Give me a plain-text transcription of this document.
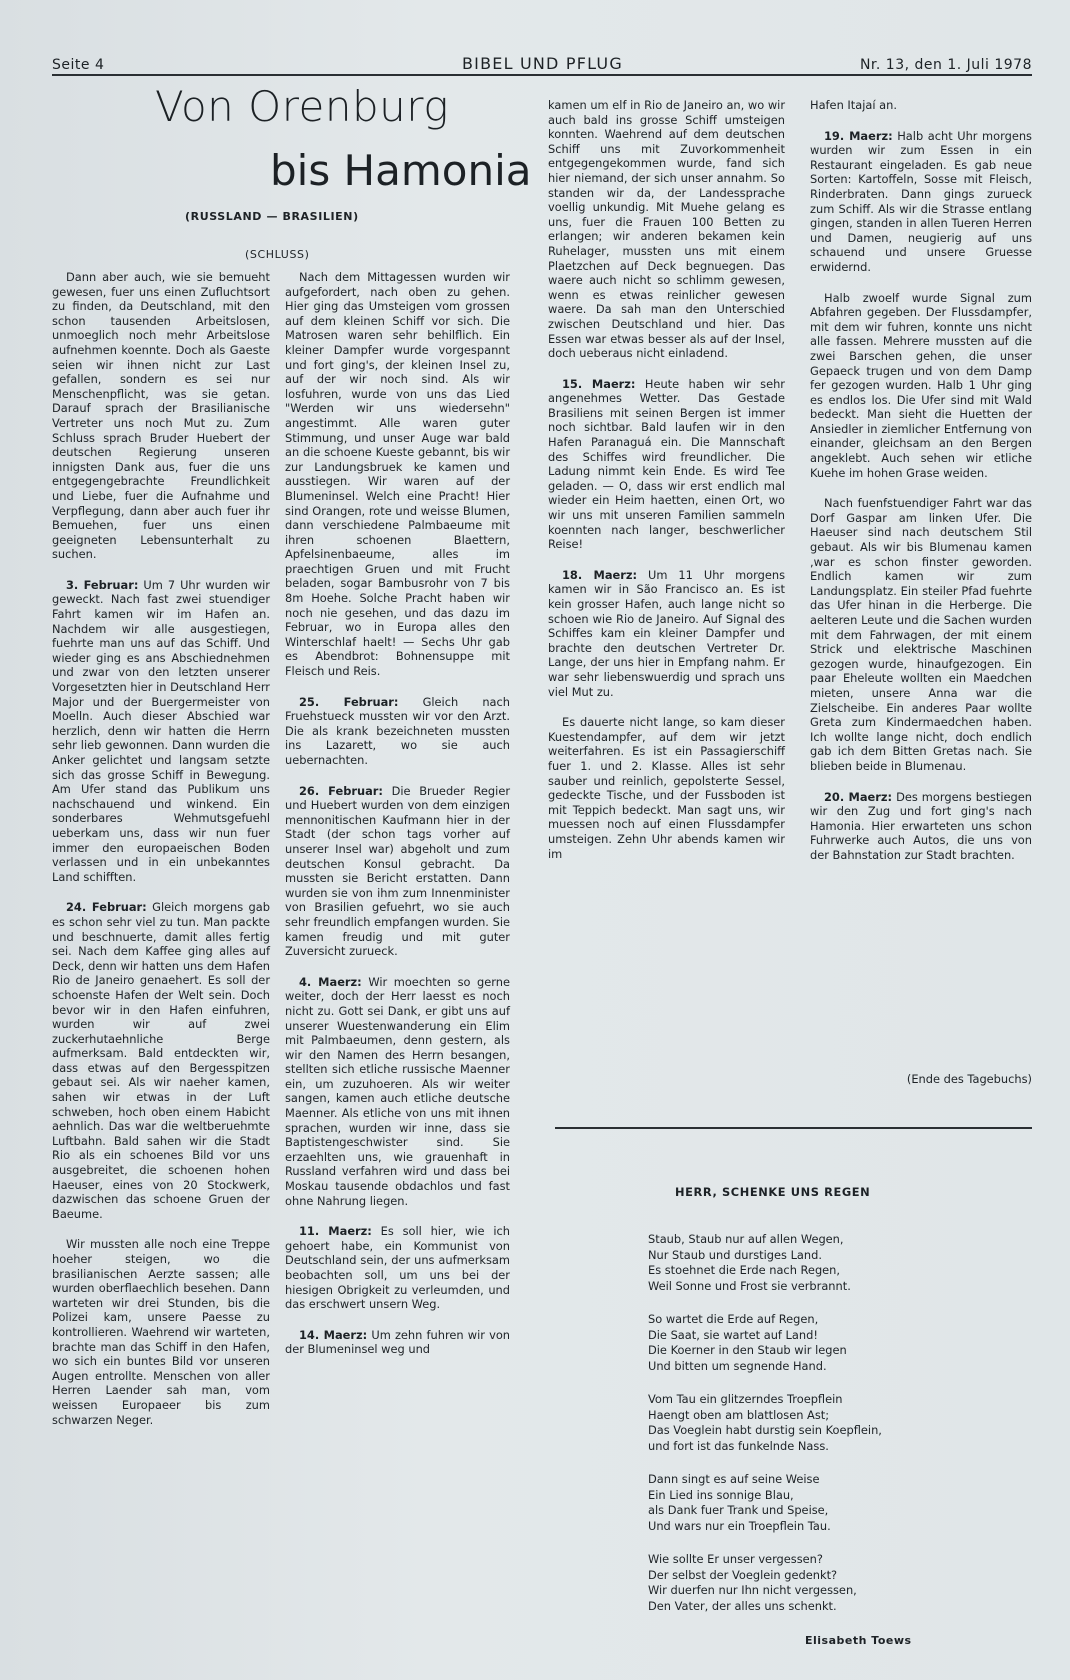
Seite 4	BIBEL UND PFLUG	Nr. 13, den 1. Juli 1978
Von Orenburg
bis Hamonia
(RUSSLAND — BRASILIEN)
(SCHLUSS)

Dann aber auch, wie sie bemueht gewesen, fuer uns einen Zufluchtsort zu finden, da Deutschland, mit den schon tausenden Arbeitslosen, unmoeglich noch mehr Arbeitslose aufnehmen koennte. Doch als Gaeste seien wir ihnen nicht zur Last gefallen, sondern es sei nur Menschenpflicht, was sie getan. Darauf sprach der Brasilianische Vertreter uns noch Mut zu. Zum Schluss sprach Bruder Huebert der deutschen Regierung unseren innigsten Dank aus, fuer die uns entgegengebrachte Freundlichkeit und Liebe, fuer die Aufnahme und Verpflegung, dann aber auch fuer ihr Bemuehen, fuer uns einen geeigneten Lebensunterhalt zu suchen.

3. Februar: Um 7 Uhr wurden wir geweckt. Nach fast zwei stuendiger Fahrt kamen wir im Hafen an. Nachdem wir alle ausgestiegen, fuehrte man uns auf das Schiff. Und wieder ging es ans Abschiednehmen und zwar von den letzten unserer Vorgesetzten hier in Deutschland Herr Major und der Buergermeister von Moelln. Auch dieser Abschied war herzlich, denn wir hatten die Herrn sehr lieb gewonnen. Dann wurden die Anker gelichtet und langsam setzte sich das grosse Schiff in Bewegung. Am Ufer stand das Publikum uns nachschauend und winkend. Ein sonderbares Wehmutsgefuehl ueberkam uns, dass wir nun fuer immer den europaeischen Boden verlassen und in ein unbekanntes Land schifften.

24. Februar: Gleich morgens gab es schon sehr viel zu tun. Man packte und beschnuerte, damit alles fertig sei. Nach dem Kaffee ging alles auf Deck, denn wir hatten uns dem Hafen Rio de Janeiro genaehert. Es soll der schoenste Hafen der Welt sein. Doch bevor wir in den Hafen einfuhren, wurden wir auf zwei zuckerhutaehnliche Berge aufmerksam. Bald entdeckten wir, dass etwas auf den Bergesspitzen gebaut sei. Als wir naeher kamen, sahen wir etwas in der Luft schweben, hoch oben einem Habicht aehnlich. Das war die weltberuehmte Luftbahn. Bald sahen wir die Stadt Rio als ein schoenes Bild vor uns ausgebreitet, die schoenen hohen Haeuser, eines von 20 Stockwerk, dazwischen das schoene Gruen der Baeume.

Wir mussten alle noch eine Treppe hoeher steigen, wo die brasilianischen Aerzte sassen; alle wurden oberflaechlich besehen. Dann warteten wir drei Stunden, bis die Polizei kam, unsere Paesse zu kontrollieren. Waehrend wir warteten, brachte man das Schiff in den Hafen, wo sich ein buntes Bild vor unseren Augen entrollte. Menschen von aller Herren Laender sah man, vom weissen Europaeer bis zum schwarzen Neger.

Nach dem Mittagessen wurden wir aufgefordert, nach oben zu gehen. Hier ging das Umsteigen vom grossen auf dem kleinen Schiff vor sich. Die Matrosen waren sehr behilflich. Ein kleiner Dampfer wurde vorgespannt und fort ging's, der kleinen Insel zu, auf der wir noch sind. Als wir losfuhren, wurde von uns das Lied "Werden wir uns wiedersehn" angestimmt. Alle waren guter Stimmung, und unser Auge war bald an die schoene Kueste gebannt, bis wir zur Landungsbruek ke kamen und ausstiegen. Wir waren auf der Blumeninsel. Welch eine Pracht! Hier sind Orangen, rote und weisse Blumen, dann verschiedene Palmbaeume mit ihren schoenen Blaettern, Apfelsinenbaeume, alles im praechtigen Gruen und mit Frucht beladen, sogar Bambusrohr von 7 bis 8m Hoehe. Solche Pracht haben wir noch nie gesehen, und das dazu im Februar, wo in Europa alles den Winterschlaf haelt! — Sechs Uhr gab es Abendbrot: Bohnensuppe mit Fleisch und Reis.

25. Februar: Gleich nach Fruehstueck mussten wir vor den Arzt. Die als krank bezeichneten mussten ins Lazarett, wo sie auch uebernachten.

26. Februar: Die Brueder Regier und Huebert wurden von dem einzigen mennonitischen Kaufmann hier in der Stadt (der schon tags vorher auf unserer Insel war) abgeholt und zum deutschen Konsul gebracht. Da mussten sie Bericht erstatten. Dann wurden sie von ihm zum Innenminister von Brasilien gefuehrt, wo sie auch sehr freundlich empfangen wurden. Sie kamen freudig und mit guter Zuversicht zurueck.

4. Maerz: Wir moechten so gerne weiter, doch der Herr laesst es noch nicht zu. Gott sei Dank, er gibt uns auf unserer Wuestenwanderung ein Elim mit Palmbaeumen, denn gestern, als wir den Namen des Herrn besangen, stellten sich etliche russische Maenner ein, um zuzuhoeren. Als wir weiter sangen, kamen auch etliche deutsche Maenner. Als etliche von uns mit ihnen sprachen, wurden wir inne, dass sie Baptistengeschwister sind. Sie erzaehlten uns, wie grauenhaft in Russland verfahren wird und dass bei Moskau tausende obdachlos und fast ohne Nahrung liegen.

11. Maerz: Es soll hier, wie ich gehoert habe, ein Kommunist von Deutschland sein, der uns aufmerksam beobachten soll, um uns bei der hiesigen Obrigkeit zu verleumden, und das erschwert unsern Weg.

14. Maerz: Um zehn fuhren wir von der Blumeninsel weg und

kamen um elf in Rio de Janeiro an, wo wir auch bald ins grosse Schiff umsteigen konnten. Waehrend auf dem deutschen Schiff uns mit Zuvorkommenheit entgegengekommen wurde, fand sich hier niemand, der sich unser annahm. So standen wir da, der Landessprache voellig unkundig. Mit Muehe gelang es uns, fuer die Frauen 100 Betten zu erlangen; wir anderen bekamen kein Ruhelager, mussten uns mit einem Plaetzchen auf Deck begnuegen. Das waere auch nicht so schlimm gewesen, wenn es etwas reinlicher gewesen waere. Da sah man den Unterschied zwischen Deutschland und hier. Das Essen war etwas besser als auf der Insel, doch ueberaus nicht einladend.

15. Maerz: Heute haben wir sehr angenehmes Wetter. Das Gestade Brasiliens mit seinen Bergen ist immer noch sichtbar. Bald laufen wir in den Hafen Paranaguá ein. Die Mannschaft des Schiffes wird freundlicher. Die Ladung nimmt kein Ende. Es wird Tee geladen. — O, dass wir erst endlich mal wieder ein Heim haetten, einen Ort, wo wir uns mit unseren Familien sammeln koennten nach langer, beschwerlicher Reise!

18. Maerz: Um 11 Uhr morgens kamen wir in São Francisco an. Es ist kein grosser Hafen, auch lange nicht so schoen wie Rio de Janeiro. Auf Signal des Schiffes kam ein kleiner Dampfer und brachte den deutschen Vertreter Dr. Lange, der uns hier in Empfang nahm. Er war sehr liebenswuerdig und sprach uns viel Mut zu.

Es dauerte nicht lange, so kam dieser Kuestendampfer, auf dem wir jetzt weiterfahren. Es ist ein Passagierschiff fuer 1. und 2. Klasse. Alles ist sehr sauber und reinlich, gepolsterte Sessel, gedeckte Tische, und der Fussboden ist mit Teppich bedeckt. Man sagt uns, wir muessen noch auf einen Flussdampfer umsteigen. Zehn Uhr abends kamen wir im

Hafen Itajaí an.

19. Maerz: Halb acht Uhr morgens wurden wir zum Essen in ein Restaurant eingeladen. Es gab neue Sorten: Kartoffeln, Sosse mit Fleisch, Rinderbraten. Dann gings zurueck zum Schiff. Als wir die Strasse entlang gingen, standen in allen Tueren Herren und Damen, neugierig auf uns schauend und unsere Gruesse erwidernd.

Halb zwoelf wurde Signal zum Abfahren gegeben. Der Flussdampfer, mit dem wir fuhren, konnte uns nicht alle fassen. Mehrere mussten auf die zwei Barschen gehen, die unser Gepaeck trugen und von dem Damp fer gezogen wurden. Halb 1 Uhr ging es endlos los. Die Ufer sind mit Wald bedeckt. Man sieht die Huetten der Ansiedler in ziemlicher Entfernung von einander, gleichsam an den Bergen angeklebt. Auch sehen wir etliche Kuehe im hohen Grase weiden.

Nach fuenfstuendiger Fahrt war das Dorf Gaspar am linken Ufer. Die Haeuser sind nach deutschem Stil gebaut. Als wir bis Blumenau kamen ,war es schon finster geworden. Endlich kamen wir zum Landungsplatz. Ein steiler Pfad fuehrte das Ufer hinan in die Herberge. Die aelteren Leute und die Sachen wurden mit dem Fahrwagen, der mit einem Strick und elektrische Maschinen gezogen wurde, hinaufgezogen. Ein paar Eheleute wollten ein Maedchen mieten, unsere Anna war die Zielscheibe. Ein anderes Paar wollte Greta zum Kindermaedchen haben. Ich wollte lange nicht, doch endlich gab ich dem Bitten Gretas nach. Sie blieben beide in Blumenau.

20. Maerz: Des morgens bestiegen wir den Zug und fort ging's nach Hamonia. Hier erwarteten uns schon Fuhrwerke auch Autos, die uns von der Bahnstation zur Stadt brachten.

(Ende des Tagebuchs)
HERR, SCHENKE UNS REGEN
Staub, Staub nur auf allen Wegen,
Nur Staub und durstiges Land.
Es stoehnet die Erde nach Regen,
Weil Sonne und Frost sie verbrannt.
So wartet die Erde auf Regen,
Die Saat, sie wartet auf Land!
Die Koerner in den Staub wir legen
Und bitten um segnende Hand.
Vom Tau ein glitzerndes Troepflein
Haengt oben am blattlosen Ast;
Das Voeglein habt durstig sein Koepflein,
und fort ist das funkelnde Nass.
Dann singt es auf seine Weise
Ein Lied ins sonnige Blau,
als Dank fuer Trank und Speise,
Und wars nur ein Troepflein Tau.
Wie sollte Er unser vergessen?
Der selbst der Voeglein gedenkt?
Wir duerfen nur Ihn nicht vergessen,
Den Vater, der alles uns schenkt.
Elisabeth Toews
